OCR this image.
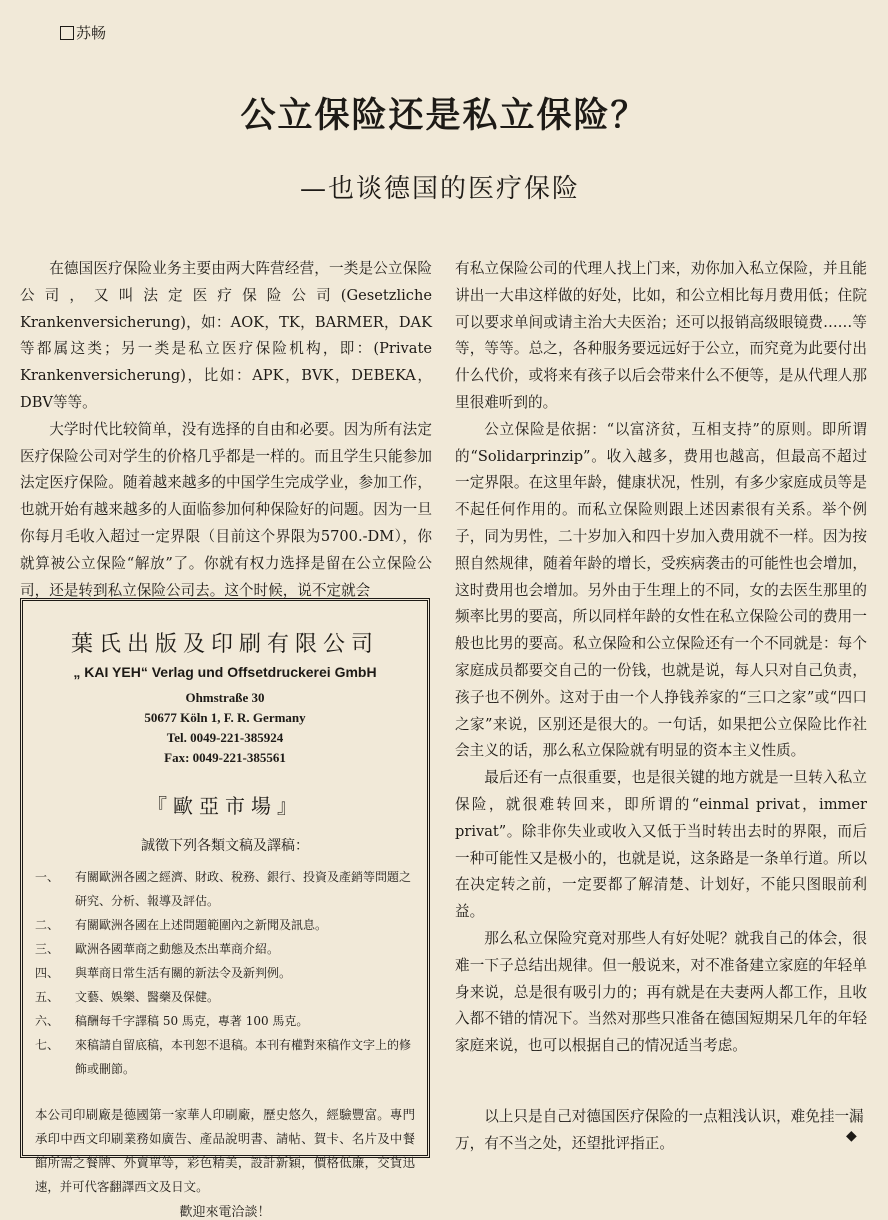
苏畅
公立保险还是私立保险？
—也谈德国的医疗保险

在德国医疗保险业务主要由两大阵营经营，一类是公立保险公司，又叫法定医疗保险公司(Gesetzliche Krankenversicherung)，如：AOK，TK，BARMER，DAK等都属这类；另一类是私立医疗保险机构，即：(Private Krankenversicherung)，比如：APK，BVK，DEBEKA，DBV等等。

大学时代比较简单，没有选择的自由和必要。因为所有法定医疗保险公司对学生的价格几乎都是一样的。而且学生只能参加法定医疗保险。随着越来越多的中国学生完成学业，参加工作，也就开始有越来越多的人面临参加何种保险好的问题。因为一旦你每月毛收入超过一定界限（目前这个界限为5700.-DM），你就算被公立保险“解放”了。你就有权力选择是留在公立保险公司，还是转到私立保险公司去。这个时候，说不定就会

有私立保险公司的代理人找上门来，劝你加入私立保险，并且能讲出一大串这样做的好处，比如，和公立相比每月费用低；住院可以要求单间或请主治大夫医治；还可以报销高级眼镜费……等等，等等。总之，各种服务要远远好于公立，而究竟为此要付出什么代价，或将来有孩子以后会带来什么不便等，是从代理人那里很难听到的。

公立保险是依据：“以富济贫，互相支持”的原则。即所谓的“Solidarprinzip”。收入越多，费用也越高，但最高不超过一定界限。在这里年龄，健康状况，性别，有多少家庭成员等是不起任何作用的。而私立保险则跟上述因素很有关系。举个例子，同为男性，二十岁加入和四十岁加入费用就不一样。因为按照自然规律，随着年龄的增长，受疾病袭击的可能性也会增加，这时费用也会增加。另外由于生理上的不同，女的去医生那里的频率比男的要高，所以同样年龄的女性在私立保险公司的费用一般也比男的要高。私立保险和公立保险还有一个不同就是：每个家庭成员都要交自己的一份钱，也就是说，每人只对自己负责，孩子也不例外。这对于由一个人挣钱养家的“三口之家”或“四口之家”来说，区别还是很大的。一句话，如果把公立保险比作社会主义的话，那么私立保险就有明显的资本主义性质。

最后还有一点很重要，也是很关键的地方就是一旦转入私立保险，就很难转回来，即所谓的“einmal privat，immer privat”。除非你失业或收入又低于当时转出去时的界限，而后一种可能性又是极小的，也就是说，这条路是一条单行道。所以在决定转之前，一定要都了解清楚、计划好，不能只图眼前利益。

那么私立保险究竟对那些人有好处呢？就我自己的体会，很难一下子总结出规律。但一般说来，对不准备建立家庭的年轻单身来说，总是很有吸引力的；再有就是在夫妻两人都工作，且收入都不错的情况下。当然对那些只准备在德国短期呆几年的年轻家庭来说，也可以根据自己的情况适当考虑。

以上只是自己对德国医疗保险的一点粗浅认识，难免挂一漏万，有不当之处，还望批评指正。	◆
葉氏出版及印刷有限公司
„ KAI YEH“ Verlag und Offsetdruckerei GmbH
Ohmstraße 30
50677 Köln 1, F. R. Germany
Tel. 0049-221-385924
Fax: 0049-221-385561
『歐亞市場』
誠徵下列各類文稿及譯稿：
一、	有關歐洲各國之經濟、財政、稅務、銀行、投資及產銷等問題之研究、分析、報導及評估。
二、	有關歐洲各國在上述問題範圍內之新聞及訊息。
三、	歐洲各國華商之動態及杰出華商介紹。
四、	與華商日常生活有關的新法令及新判例。
五、	文藝、娛樂、醫藥及保健。
六、	稿酬每千字譯稿 50 馬克，專著 100 馬克。
七、	來稿請自留底稿，本刊恕不退稿。本刊有權對來稿作文字上的修飾或刪節。
本公司印刷廠是德國第一家華人印刷廠，歷史悠久，經驗豐富。專門承印中西文印刷業務如廣告、產品說明書、請帖、賀卡、名片及中餐館所需之餐牌、外賣單等，彩色精美，設計新穎，價格低廉，交貨迅速，并可代客翻譯西文及日文。
歡迎來電洽談！
